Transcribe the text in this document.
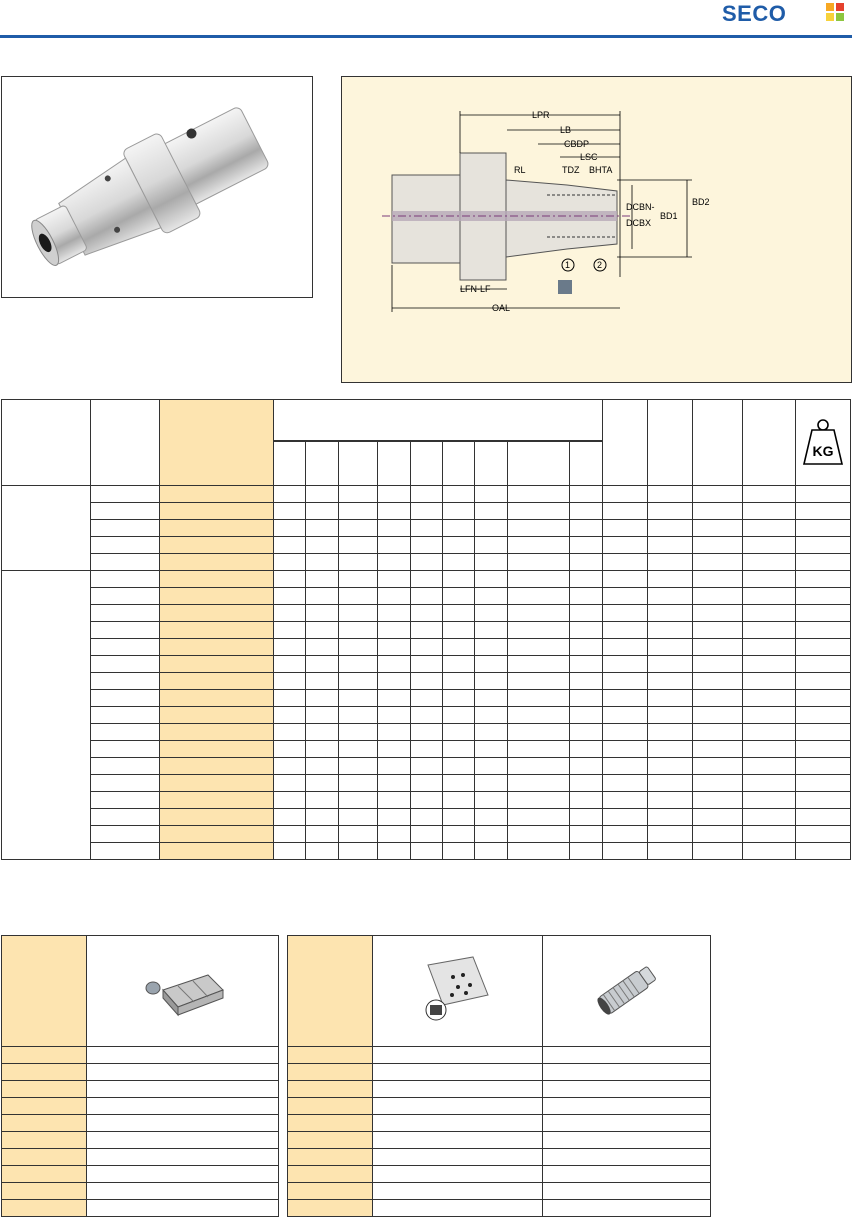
SECO
LPR
LB
CBDP
LSC
RL	TDZ BHTA
DCBN-
DCBX
BD1
BD2
1	2
LFN-LF
OAL

KG
